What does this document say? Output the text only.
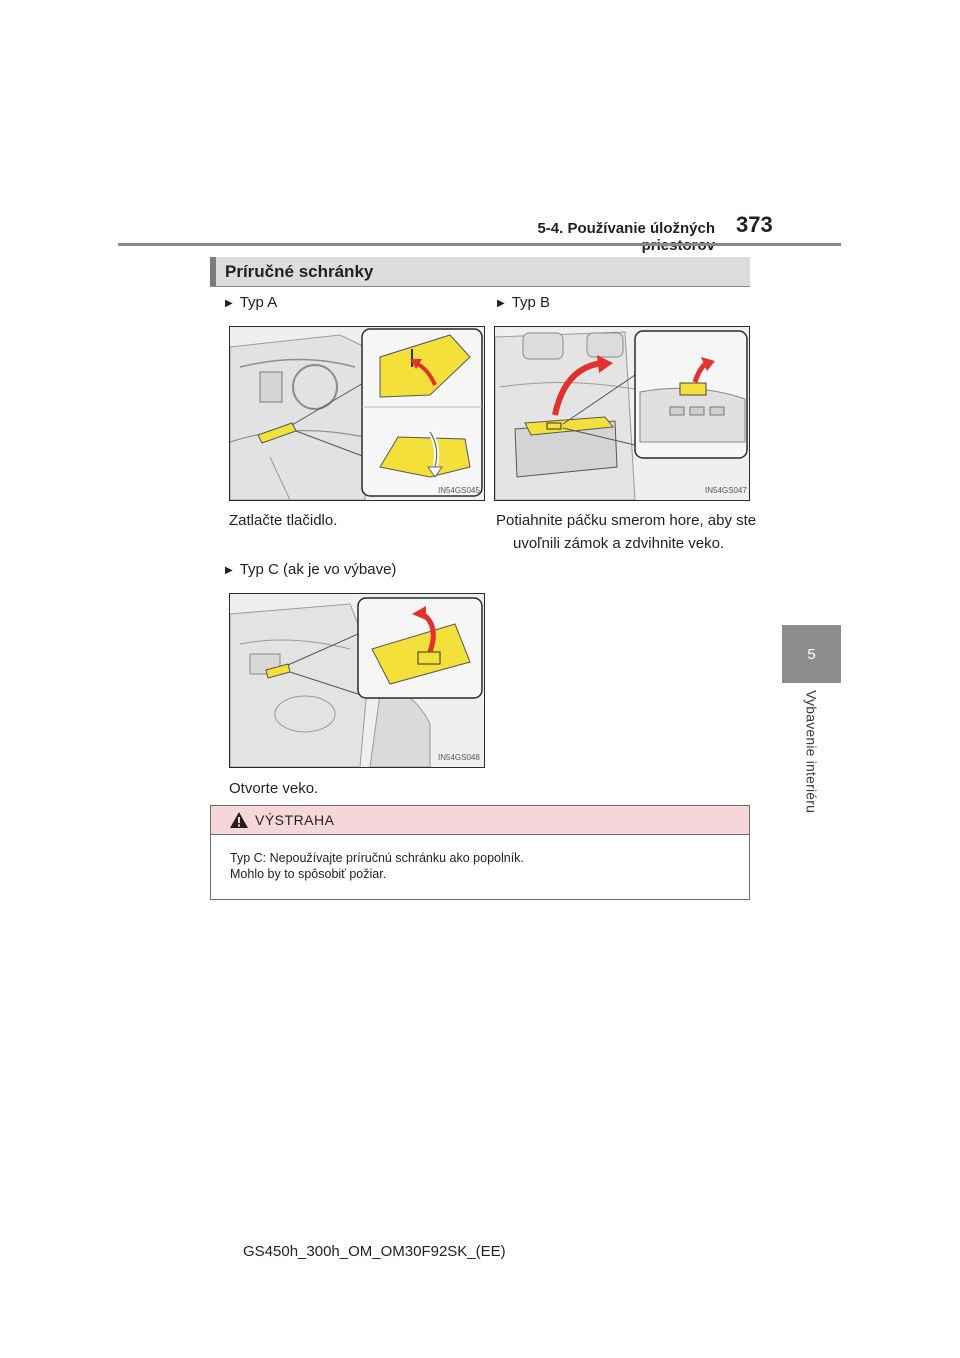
5-4. Používanie úložných 373
5
Vybavenie interiéru
Príručné schránky
▶ Typ A
IN54GS045
Zatlačte tlačidlo.
▶ Typ B
IN54GS047
Potiahnite páčku smerom hore, aby ste
uvoľnili zámok a zdvihnite veko.
▶ Typ C (ak je vo výbave)
IN54GS048
Otvorte veko.
VÝSTRAHA
Typ C: Nepoužívajte príručnú schránku ako popolník.
Mohlo by to spôsobiť požiar.
GS450h_300h_OM_OM30F92SK_(EE)
